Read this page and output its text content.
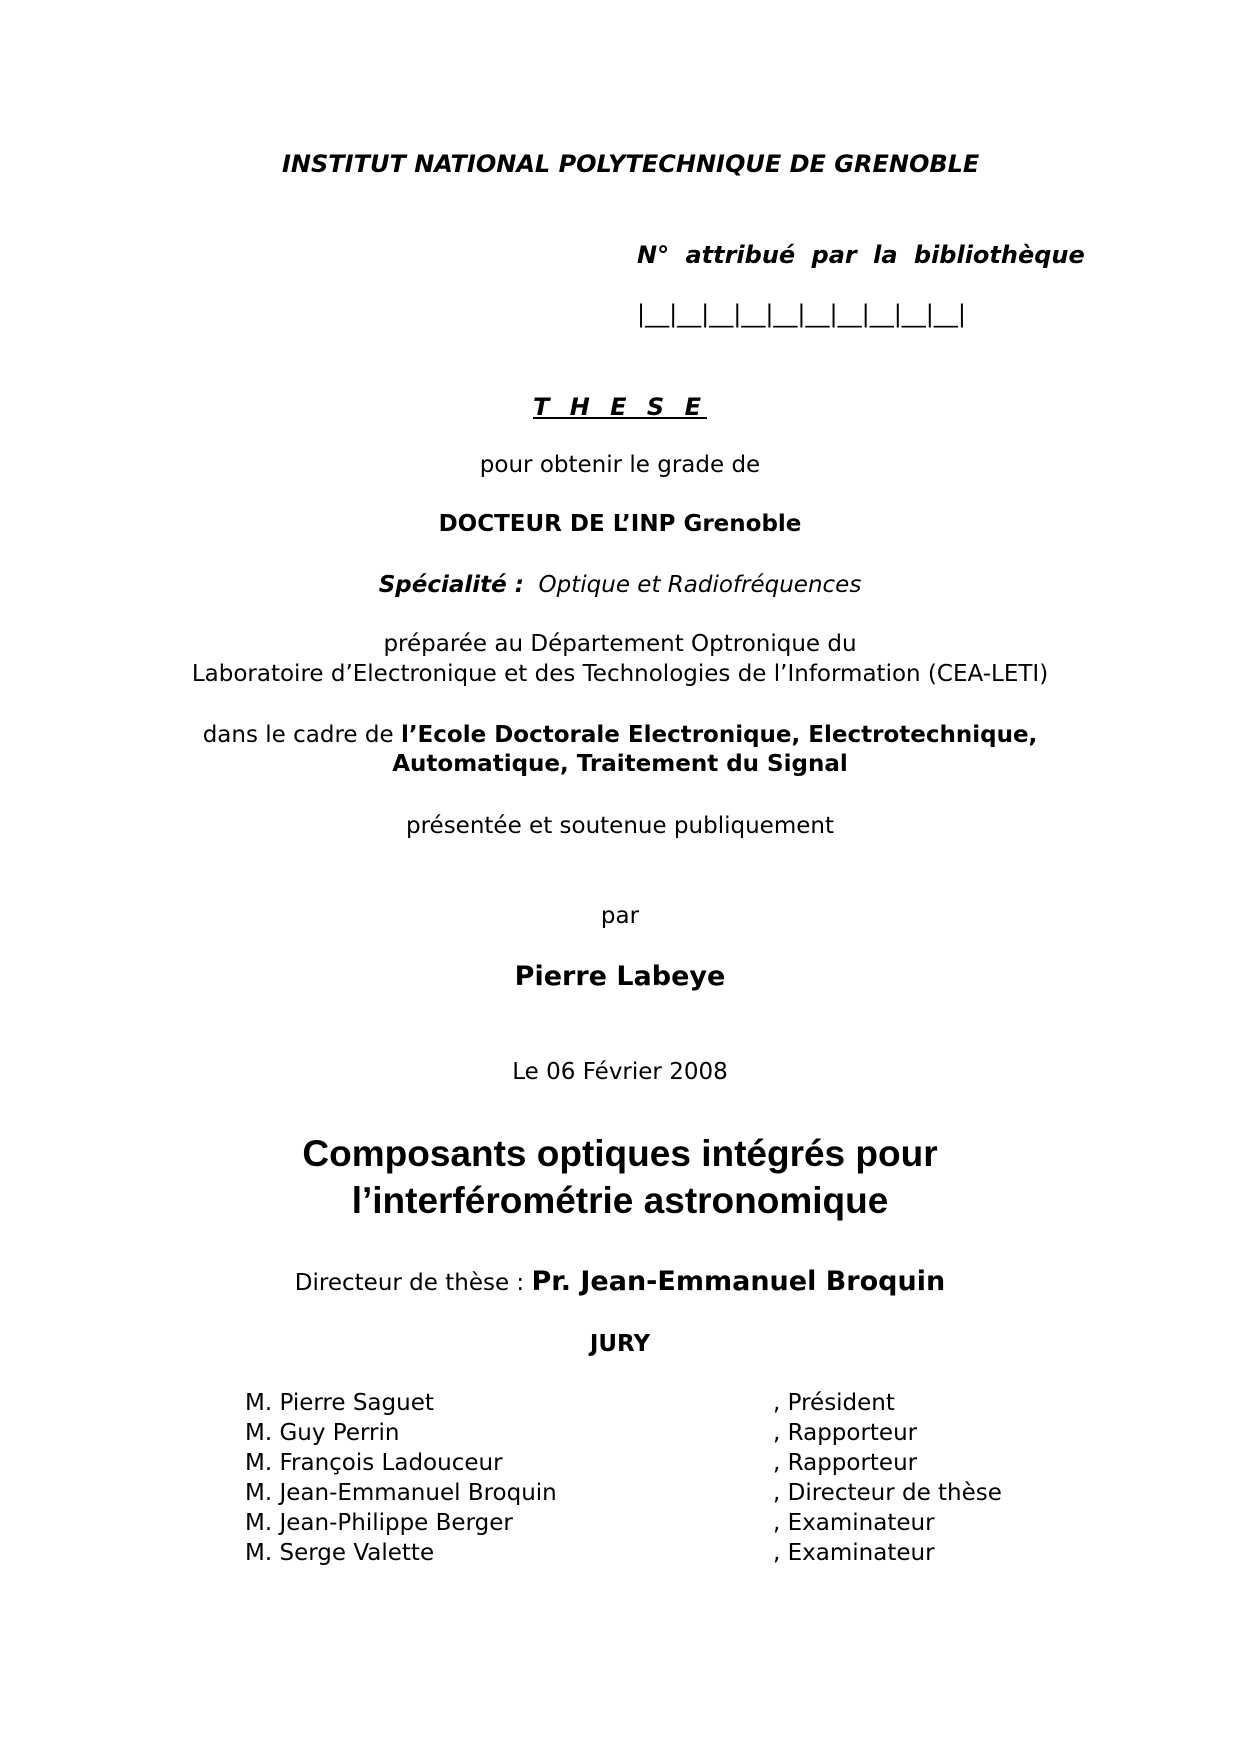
INSTITUT NATIONAL POLYTECHNIQUE DE GRENOBLE
N° attribué par la bibliothèque
|__|__|__|__|__|__|__|__|__|__|
T H E S E
pour obtenir le grade de
DOCTEUR DE L’INP Grenoble
Spécialité : Optique et Radiofréquences
préparée au Département Optronique du
Laboratoire d’Electronique et des Technologies de l’Information (CEA-LETI)
dans le cadre de l’Ecole Doctorale Electronique, Electrotechnique,
Automatique, Traitement du Signal
présentée et soutenue publiquement
par
Pierre Labeye
Le 06 Février 2008
Composants optiques intégrés pour
l’interférométrie astronomique
Directeur de thèse : Pr. Jean-Emmanuel Broquin
JURY
M. Pierre Saguet	, Président
M. Guy Perrin	, Rapporteur
M. François Ladouceur	, Rapporteur
M. Jean-Emmanuel Broquin	, Directeur de thèse
M. Jean-Philippe Berger	, Examinateur
M. Serge Valette	, Examinateur
